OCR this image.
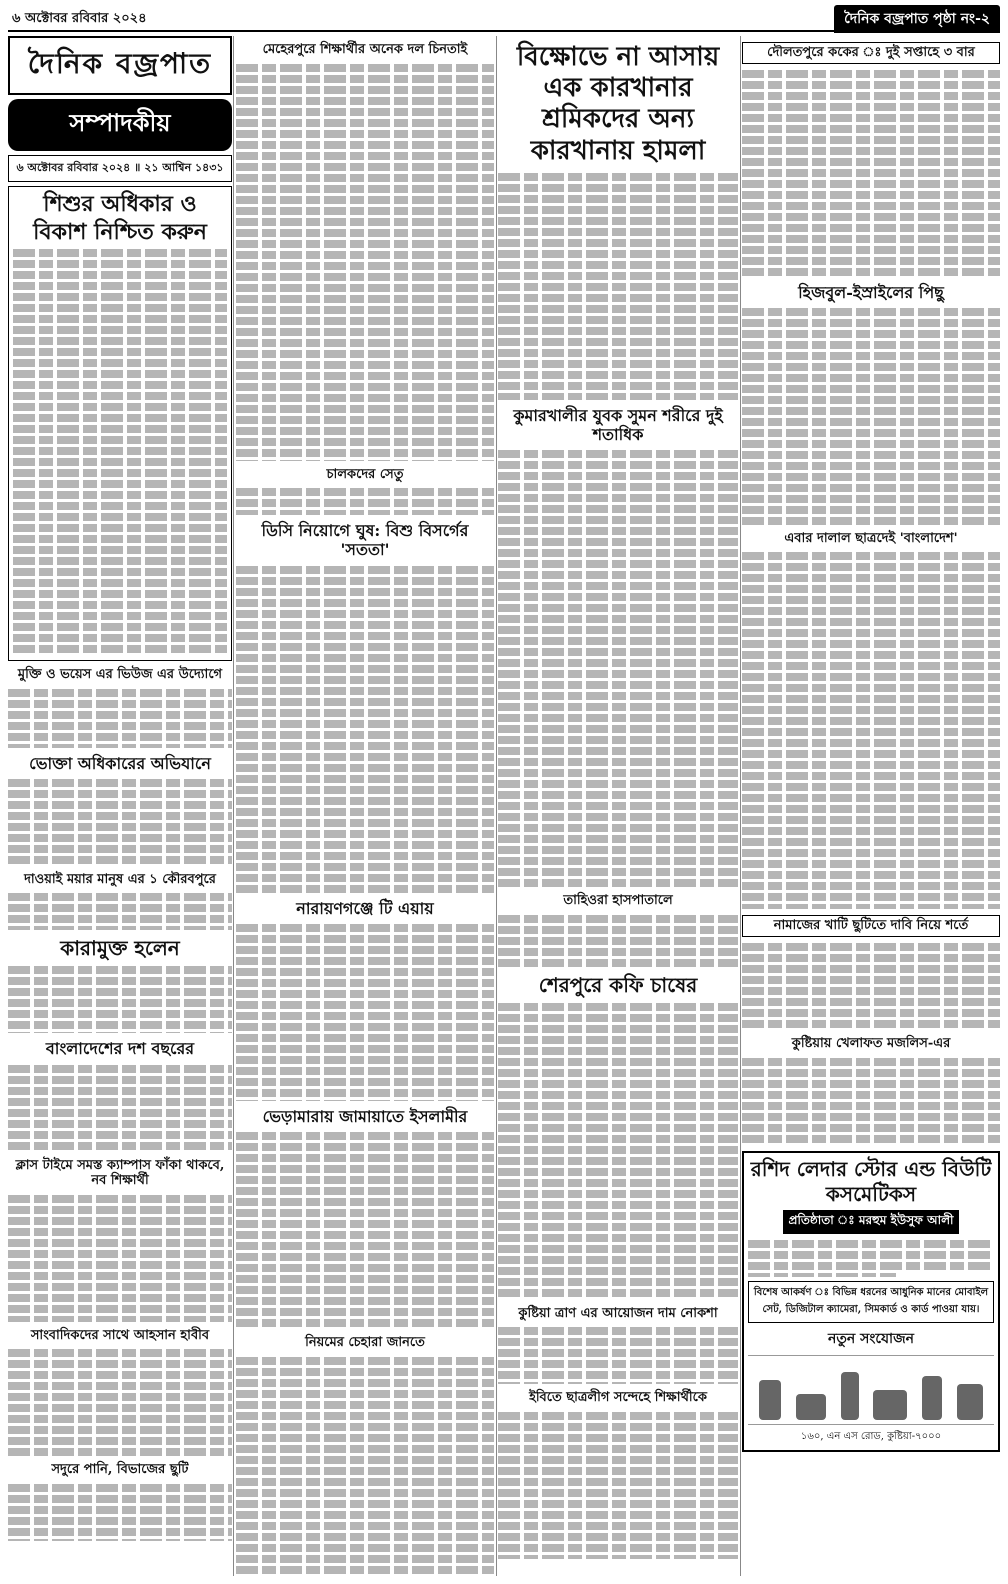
৬ অক্টোবর রবিবার ২০২৪	দৈনিক বজ্রপাত পৃষ্ঠা নং-২
দৈনিক বজ্রপাত
সম্পাদকীয়
৬ অক্টোবর রবিবার ২০২৪ ॥ ২১ আশ্বিন ১৪৩১
শিশুর অধিকার ও বিকাশ নিশ্চিত করুন
মুক্তি ও ভয়েস এর ভিউজ এর উদ্যোগে
ভোক্তা অধিকারের অভিযানে
দাওয়াই ময়ার মানুষ এর ১ কৌরবপুরে
কারামুক্ত হলেন
বাংলাদেশের দশ বছরের
ক্লাস টাইমে সমস্ত ক্যাম্পাস ফাঁকা থাকবে, নব শিক্ষার্থী
সাংবাদিকদের সাথে আহসান হাবীব
সদুরে পানি, বিভাজের ছুটি
মেহেরপুরে শিক্ষার্থীর অনেক দল চিনতাই
চালকদের সেতু
ডিসি নিয়োগে ঘুষ: বিশু বিসর্গের 'সততা'
নারায়ণগঞ্জে টি এয়ায়
ভেড়ামারায় জামায়াতে ইসলামীর
নিয়মের চেহারা জানতে
বিক্ষোভে না আসায় এক কারখানার শ্রমিকদের অন্য কারখানায় হামলা
কুমারখালীর যুবক সুমন শরীরে দুই শতাধিক
তাহিওরা হাসপাতালে
শেরপুরে কফি চাষের
কুষ্টিয়া ত্রাণ এর আয়োজন দাম নোকশা
ইবিতে ছাত্রলীগ সন্দেহে শিক্ষার্থীকে
দৌলতপুরে ককের ঃ দুই সপ্তাহে ৩ বার
হিজবুল-ইস্রাইলের পিছু
এবার দালাল ছাত্রদেই 'বাংলাদেশ'
নামাজের খাটি ছুটিতে দাবি নিয়ে শর্তে
কুষ্টিয়ায় খেলাফত মজলিস-এর
রশিদ লেদার স্টোর এন্ড বিউটি কসমেটিকস
প্রতিষ্ঠাতা ঃ মরহুম ইউসুফ আলী
বিশেষ আকর্ষণ ঃ বিভিন্ন ধরনের আধুনিক মানের মোবাইল সেট, ডিজিটাল ক্যামেরা, সিমকার্ড ও কার্ড পাওয়া যায়।
নতুন সংযোজন
১৬০, এন এস রোড, কুষ্টিয়া-৭০০০
